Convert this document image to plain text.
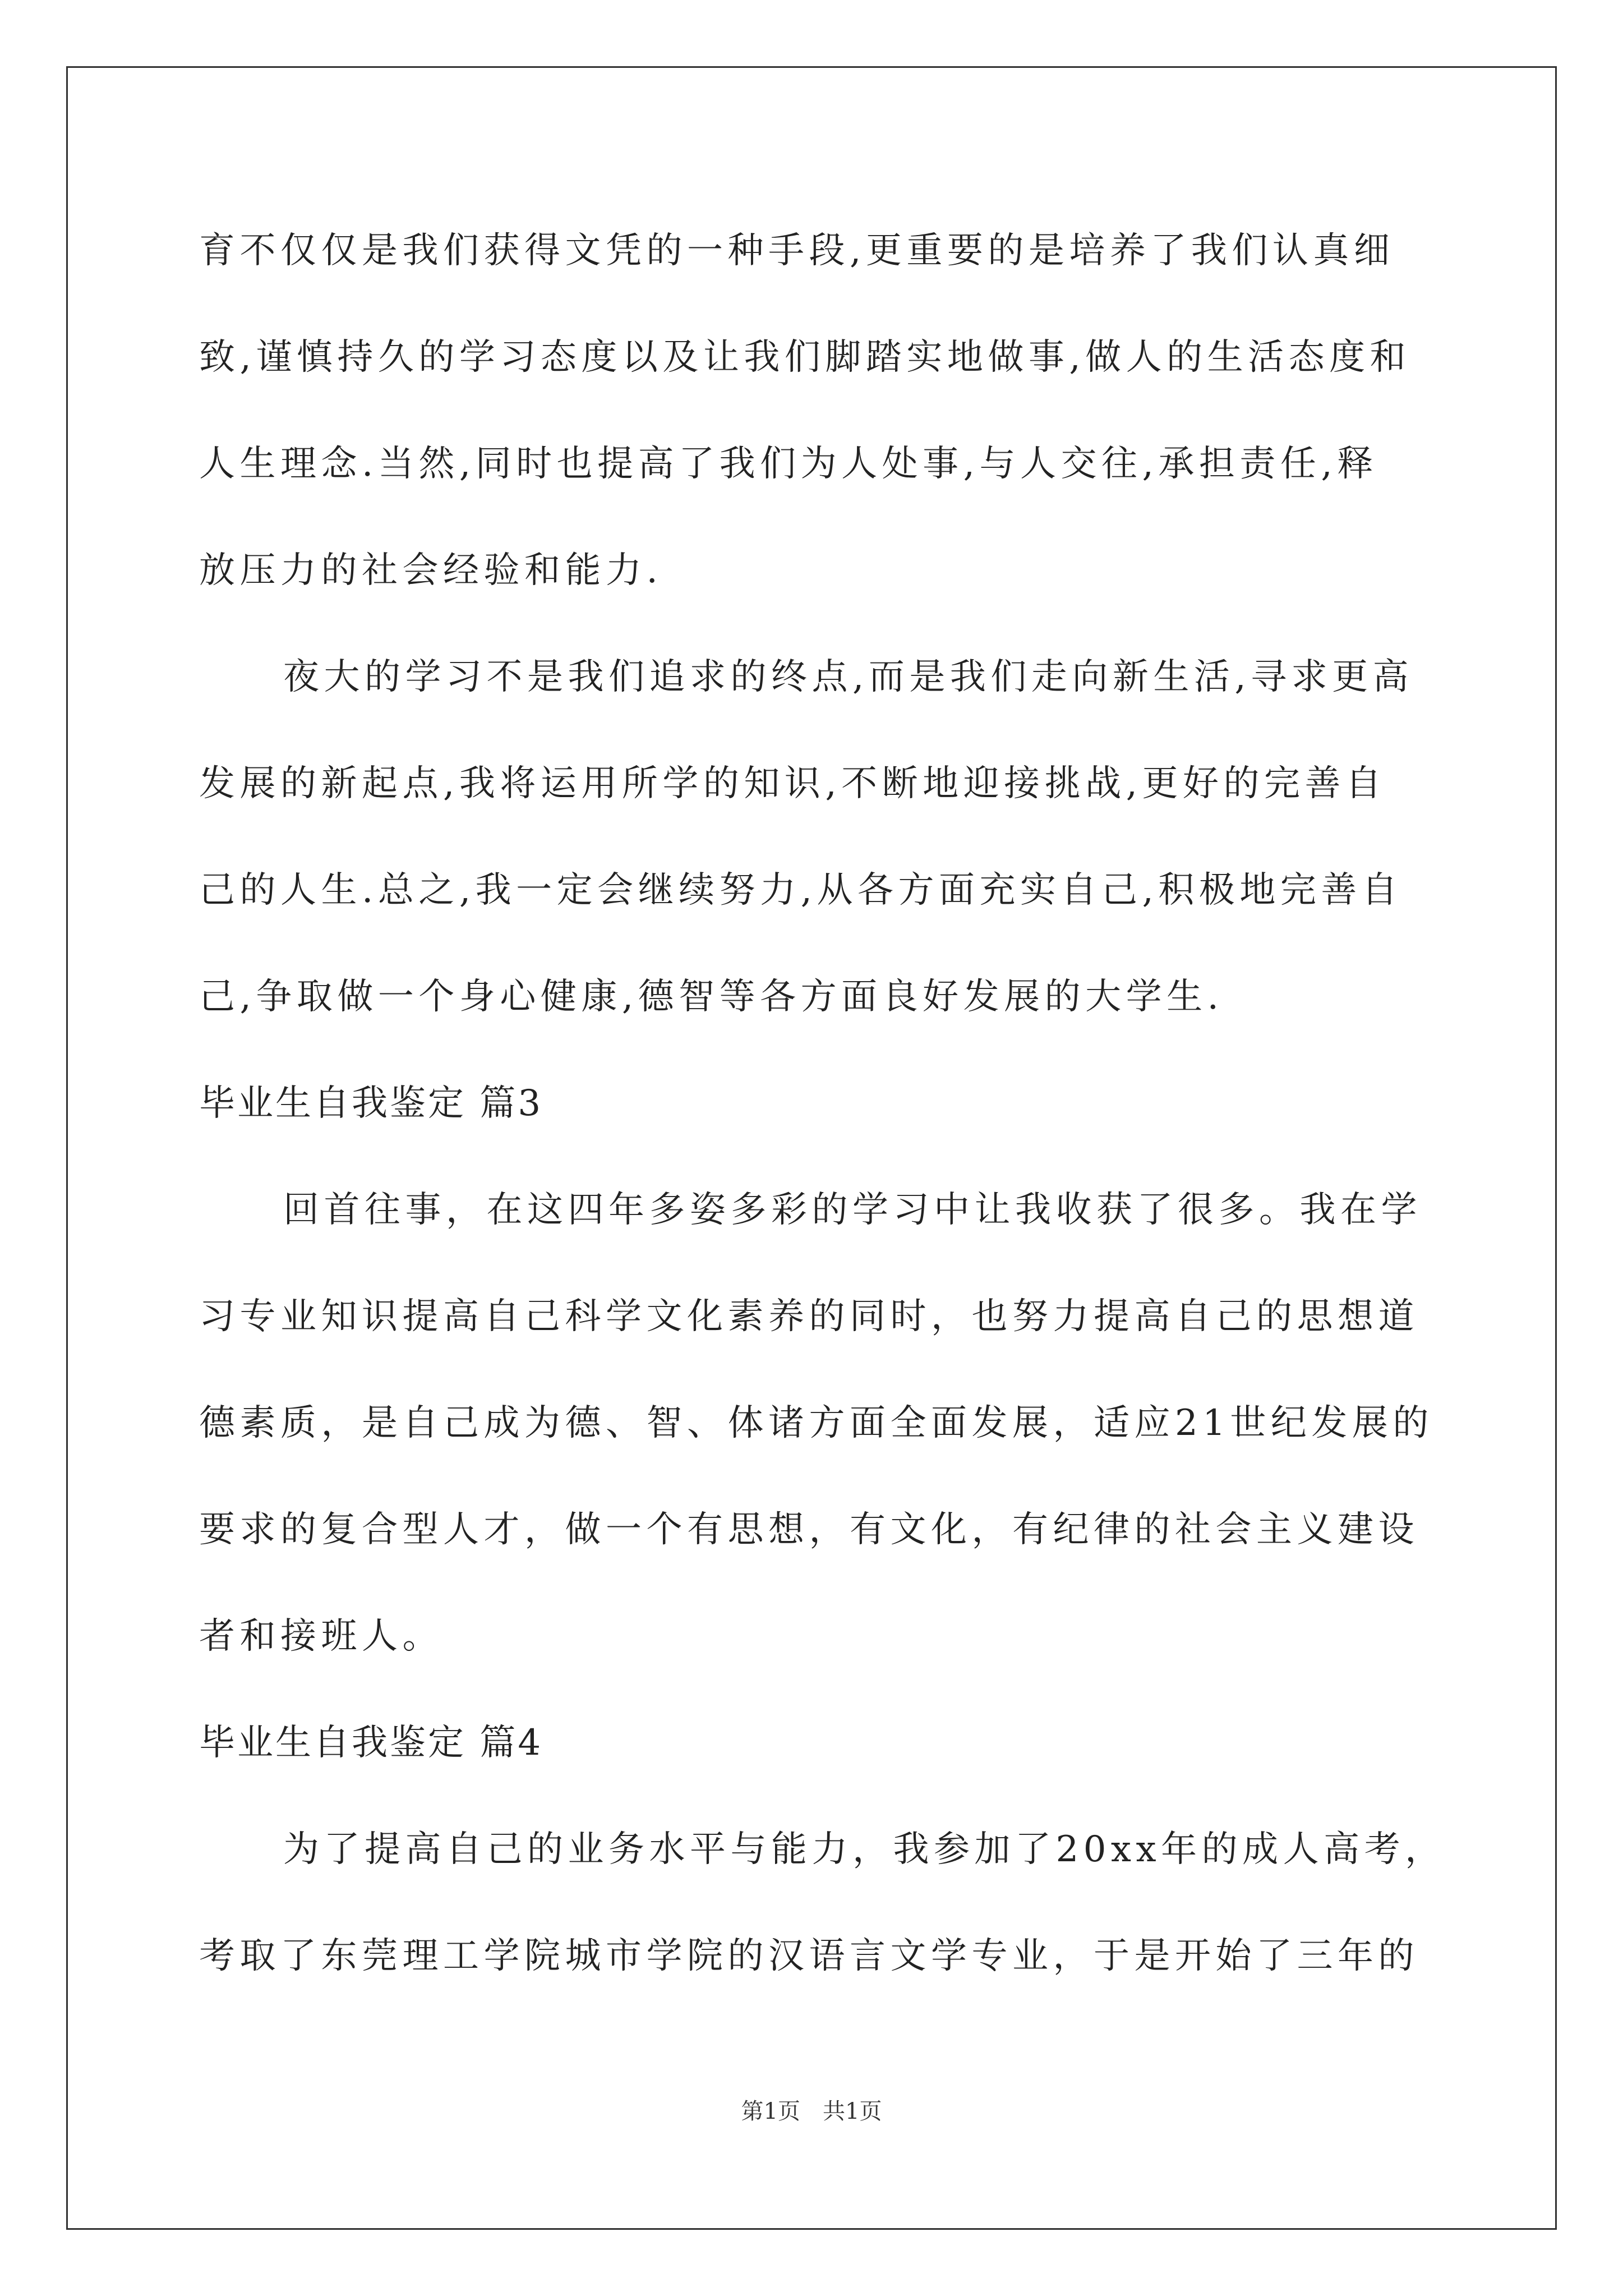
育不仅仅是我们获得文凭的一种手段,更重要的是培养了我们认真细
致,谨慎持久的学习态度以及让我们脚踏实地做事,做人的生活态度和
人生理念.当然,同时也提高了我们为人处事,与人交往,承担责任,释
放压力的社会经验和能力.
夜大的学习不是我们追求的终点,而是我们走向新生活,寻求更高
发展的新起点,我将运用所学的知识,不断地迎接挑战,更好的完善自
己的人生.总之,我一定会继续努力,从各方面充实自己,积极地完善自
己,争取做一个身心健康,德智等各方面良好发展的大学生.
毕业生自我鉴定 篇3
回首往事，在这四年多姿多彩的学习中让我收获了很多。我在学
习专业知识提高自己科学文化素养的同时，也努力提高自己的思想道
德素质，是自己成为德、智、体诸方面全面发展，适应21世纪发展的
要求的复合型人才，做一个有思想，有文化，有纪律的社会主义建设
者和接班人。
毕业生自我鉴定 篇4
为了提高自己的业务水平与能力，我参加了20xx年的成人高考，
考取了东莞理工学院城市学院的汉语言文学专业，于是开始了三年的
第1页　共1页
